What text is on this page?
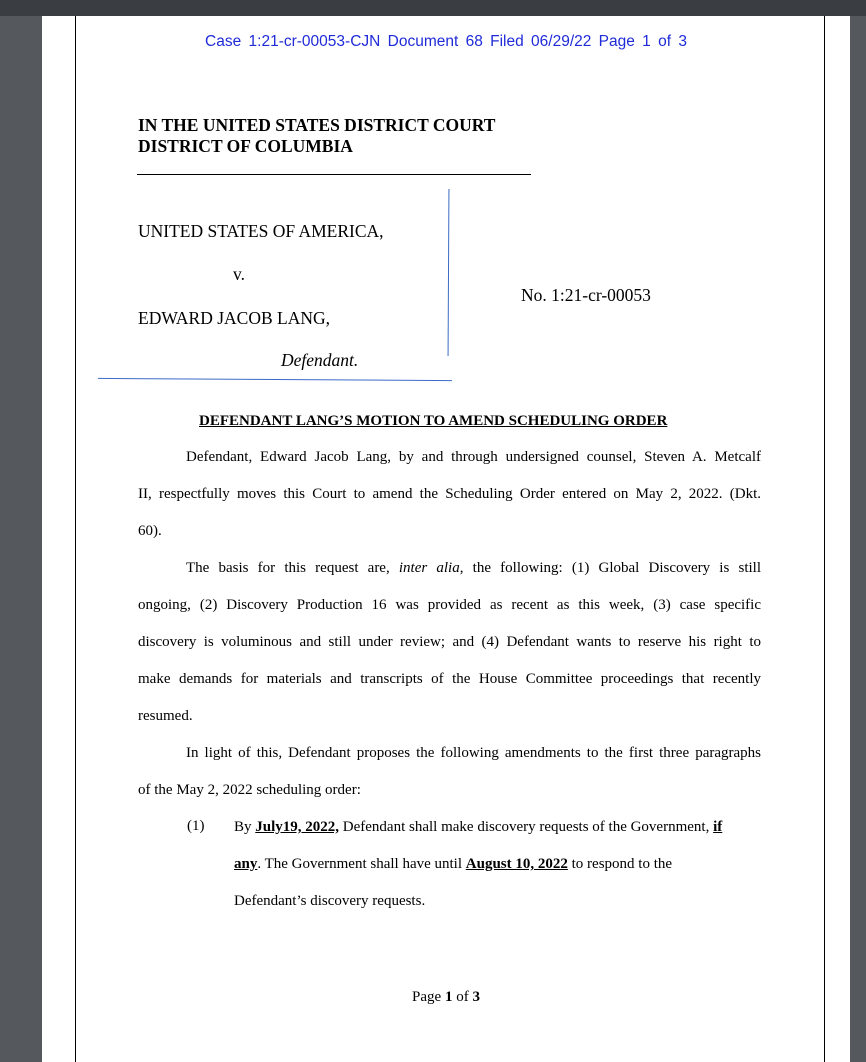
Case 1:21-cr-00053-CJN Document 68 Filed 06/29/22 Page 1 of 3
IN THE UNITED STATES DISTRICT COURT
DISTRICT OF COLUMBIA
UNITED STATES OF AMERICA,
v.
No. 1:21-cr-00053
EDWARD JACOB LANG,
Defendant.
DEFENDANT LANG’S MOTION TO AMEND SCHEDULING ORDER
Defendant, Edward Jacob Lang, by and through undersigned counsel, Steven A. Metcalf
II, respectfully moves this Court to amend the Scheduling Order entered on May 2, 2022. (Dkt.
60).
The basis for this request are, inter alia, the following: (1) Global Discovery is still
ongoing, (2) Discovery Production 16 was provided as recent as this week, (3) case specific
discovery is voluminous and still under review; and (4) Defendant wants to reserve his right to
make demands for materials and transcripts of the House Committee proceedings that recently
resumed.
In light of this, Defendant proposes the following amendments to the first three paragraphs
of the May 2, 2022 scheduling order:
(1) By July19, 2022, Defendant shall make discovery requests of the Government, if
any. The Government shall have until August 10, 2022 to respond to the
Defendant’s discovery requests.
Page 1 of 3
